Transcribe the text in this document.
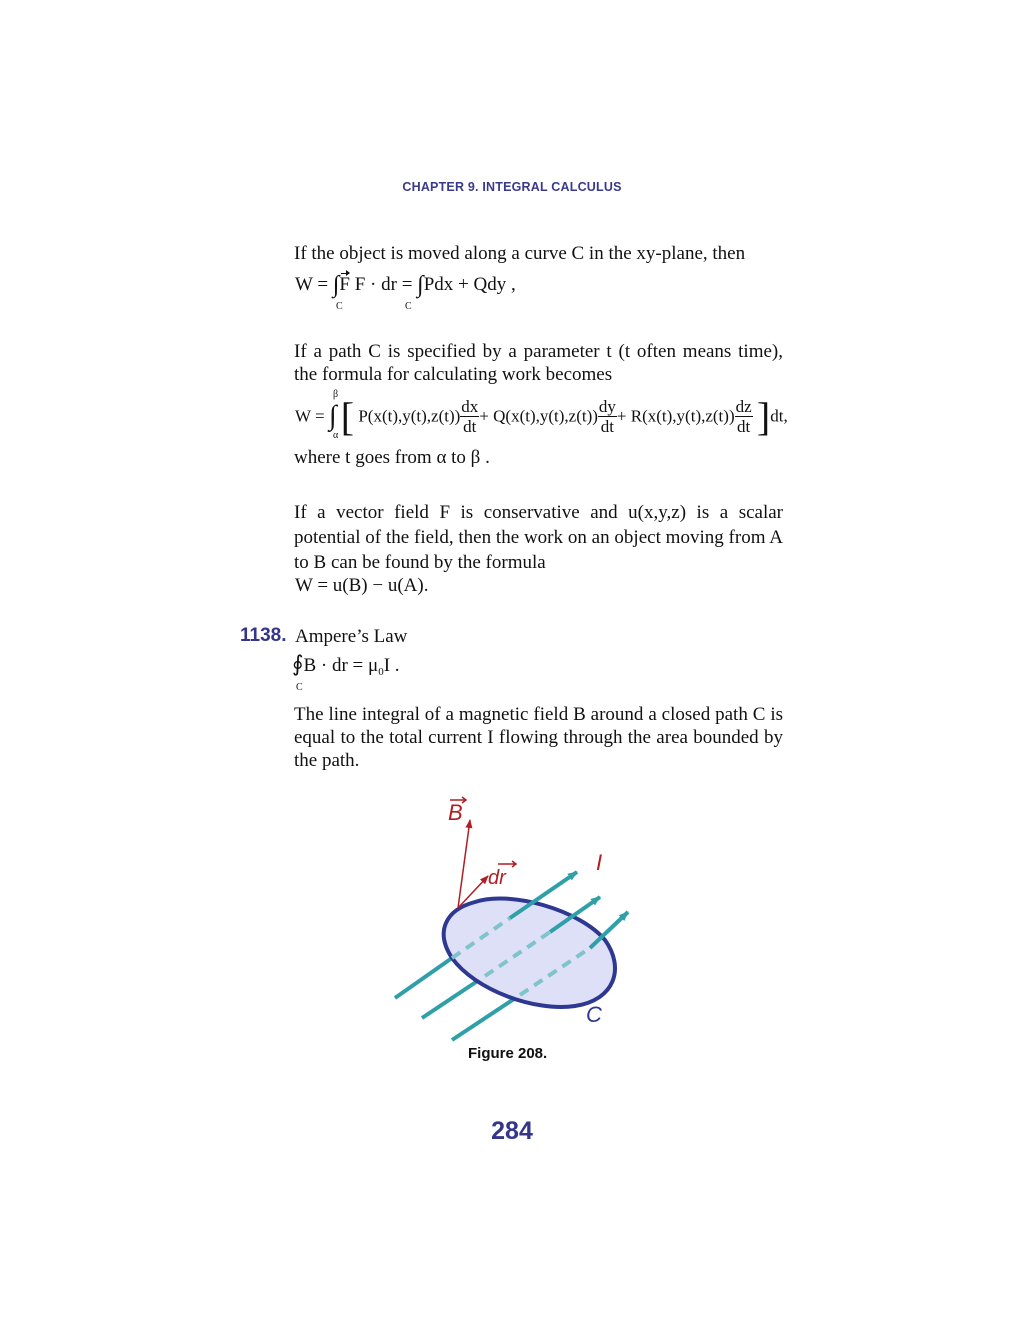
CHAPTER 9. INTEGRAL CALCULUS
If the object is moved along a curve C in the xy-plane, then
W = ∫F F · dr = ∫Pdx + Qdy ,
C	C
If a path C is specified by a parameter t (t often means time), the formula for calculating work becomes
W = ∫ [ $P(x(t),y(t),z(t)) \frac{dx}{dt} + Q(x(t),y(t),z(t)) \frac{dy}{dt} + R(x(t),y(t),z(t)) \frac{dz}{dt} ]dt$,
β
α
where t goes from α to β .
If a vector field F is conservative and u(x,y,z) is a scalar potential of the field, then the work on an object moving from A to B can be found by the formula
W = u(B) − u(A).
1138. Ampere’s Law
∮B · dr = $\mu_0I$ .
C
The line integral of a magnetic field B around a closed path C is equal to the total current I flowing through the area bounded by the path.
B
dr
I
C
Figure 208.
284
